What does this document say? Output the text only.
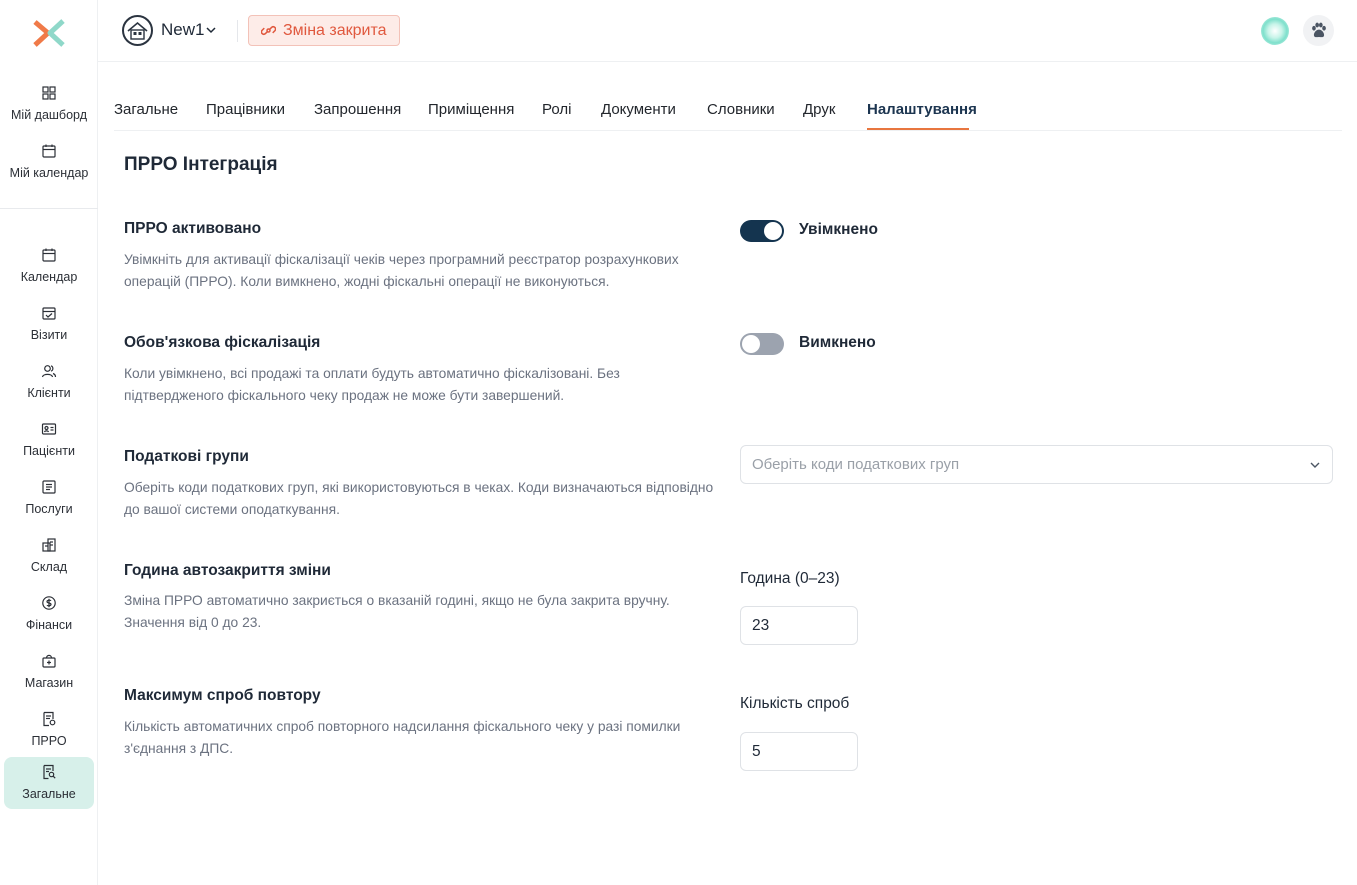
Мій дашборд
Мій календар
Календар
Візити
Клієнти
Пацієнти
Послуги
Склад
Фінанси
Магазин
ПРРО
Загальне
New1	Зміна закрита
Загальне Працівники Запрошення Приміщення Ролі Документи Словники Друк Налаштування
ПРРО Інтеграція
ПРРО активовано
Увімкніть для активації фіскалізації чеків через програмний реєстратор розрахункових операцій (ПРРО). Коли вимкнено, жодні фіскальні операції не виконуються.
Увімкнено
Обов'язкова фіскалізація
Коли увімкнено, всі продажі та оплати будуть автоматично фіскалізовані. Без підтвердженого фіскального чеку продаж не може бути завершений.
Вимкнено
Податкові групи
Оберіть коди податкових груп, які використовуються в чеках. Коди визначаються відповідно до вашої системи оподаткування.
Оберіть коди податкових груп
Година автозакриття зміни
Зміна ПРРО автоматично закриється о вказаній годині, якщо не була закрита вручну. Значення від 0 до 23.
Година (0–23)
23
Максимум спроб повтору
Кількість автоматичних спроб повторного надсилання фіскального чеку у разі помилки з'єднання з ДПС.
Кількість спроб
5
